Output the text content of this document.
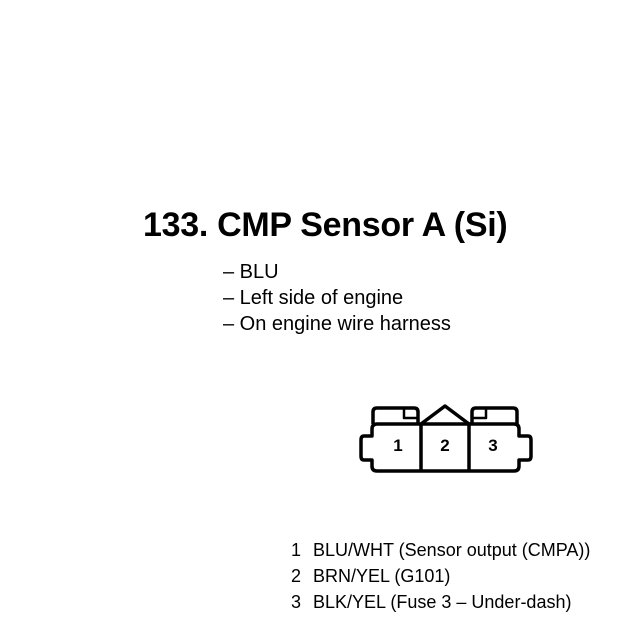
133. CMP Sensor A (Si)
– BLU
– Left side of engine
– On engine wire harness
1 2 3
1 BLU/WHT (Sensor output (CMPA))
2 BRN/YEL (G101)
3 BLK/YEL (Fuse 3 – Under-dash)
